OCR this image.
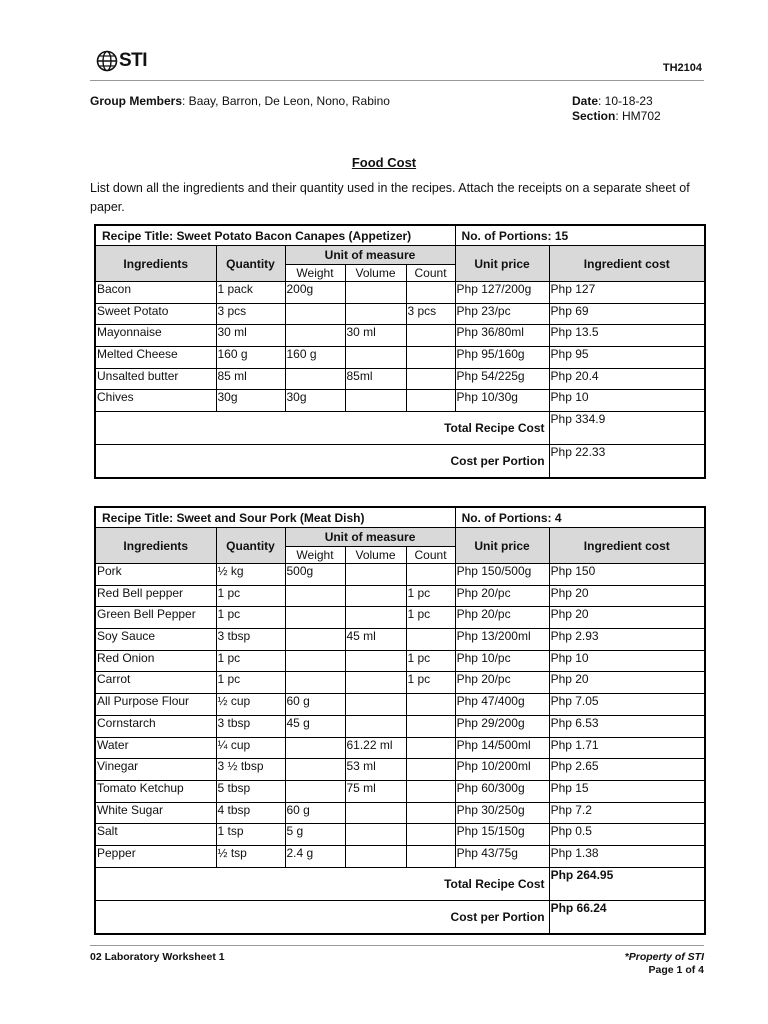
STI	TH2104
Group Members: Baay, Barron, De Leon, Nono, Rabino	Date: 10-18-23
Section: HM702
Food Cost
List down all the ingredients and their quantity used in the recipes. Attach the receipts on a separate sheet of paper.
Recipe Title: Sweet Potato Bacon Canapes (Appetizer)					No. of Portions: 15	
Ingredients	Quantity	Unit of measure			Unit price	Ingredient cost
		Weight	Volume	Count		
Bacon	1 pack	200g			Php 127/200g	Php 127
Sweet Potato	3 pcs			3 pcs	Php 23/pc	Php 69
Mayonnaise	30 ml		30 ml		Php 36/80ml	Php 13.5
Melted Cheese	160 g	160 g			Php 95/160g	Php 95
Unsalted butter	85 ml		85ml		Php 54/225g	Php 20.4
Chives	30g	30g			Php 10/30g	Php 10
Total Recipe Cost						Php 334.9
Cost per Portion						Php 22.33
Recipe Title: Sweet and Sour Pork (Meat Dish)					No. of Portions: 4	
Ingredients	Quantity	Unit of measure			Unit price	Ingredient cost
		Weight	Volume	Count		
Pork	½ kg	500g			Php 150/500g	Php 150
Red Bell pepper	1 pc			1 pc	Php 20/pc	Php 20
Green Bell Pepper	1 pc			1 pc	Php 20/pc	Php 20
Soy Sauce	3 tbsp		45 ml		Php 13/200ml	Php 2.93
Red Onion	1 pc			1 pc	Php 10/pc	Php 10
Carrot	1 pc			1 pc	Php 20/pc	Php 20
All Purpose Flour	½ cup	60 g			Php 47/400g	Php 7.05
Cornstarch	3 tbsp	45 g			Php 29/200g	Php 6.53
Water	¼ cup		61.22 ml		Php 14/500ml	Php 1.71
Vinegar	3 ½ tbsp		53 ml		Php 10/200ml	Php 2.65
Tomato Ketchup	5 tbsp		75 ml		Php 60/300g	Php 15
White Sugar	4 tbsp	60 g			Php 30/250g	Php 7.2
Salt	1 tsp	5 g			Php 15/150g	Php 0.5
Pepper	½ tsp	2.4 g			Php 43/75g	Php 1.38
Total Recipe Cost						Php 264.95
Cost per Portion						Php 66.24
02 Laboratory Worksheet 1	*Property of STI
Page 1 of 4
